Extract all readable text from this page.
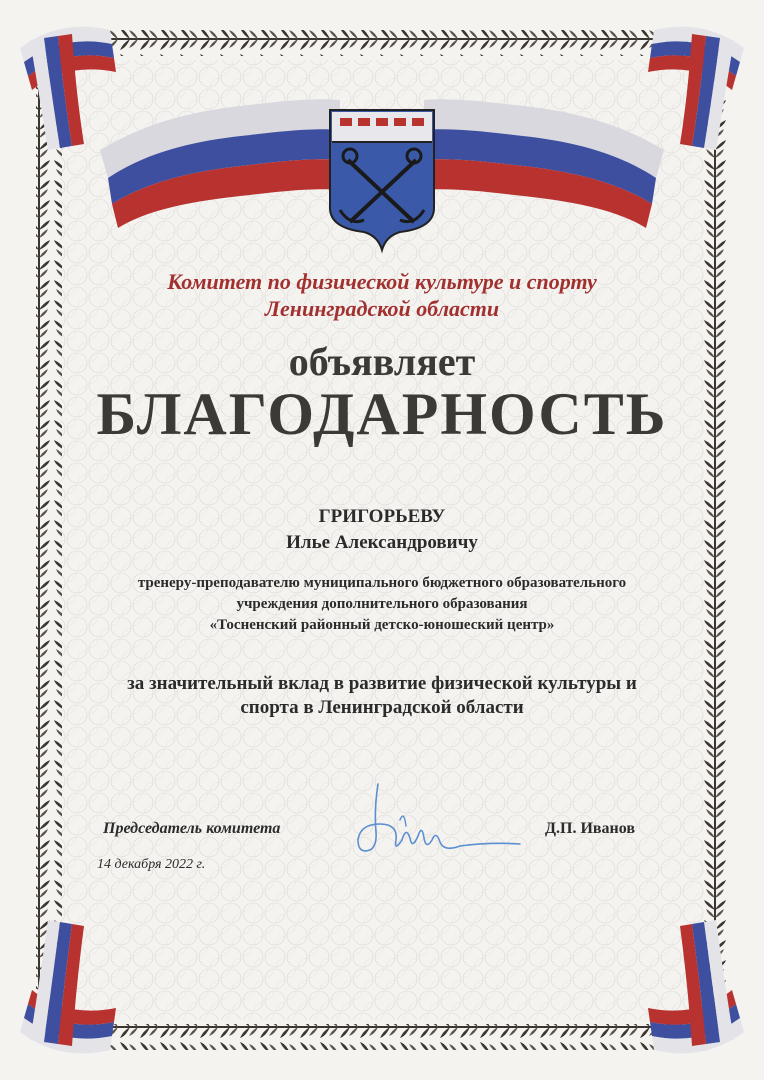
Комитет по физической культуре и спорту
Ленинградской области
объявляет
БЛАГОДАРНОСТЬ
ГРИГОРЬЕВУ
Илье Александровичу
тренеру-преподавателю муниципального бюджетного образовательного
учреждения дополнительного образования
«Тосненский районный детско-юношеский центр»
за значительный вклад в развитие физической культуры и
спорта в Ленинградской области
Председатель комитета	Д.П. Иванов
14 декабря 2022 г.
